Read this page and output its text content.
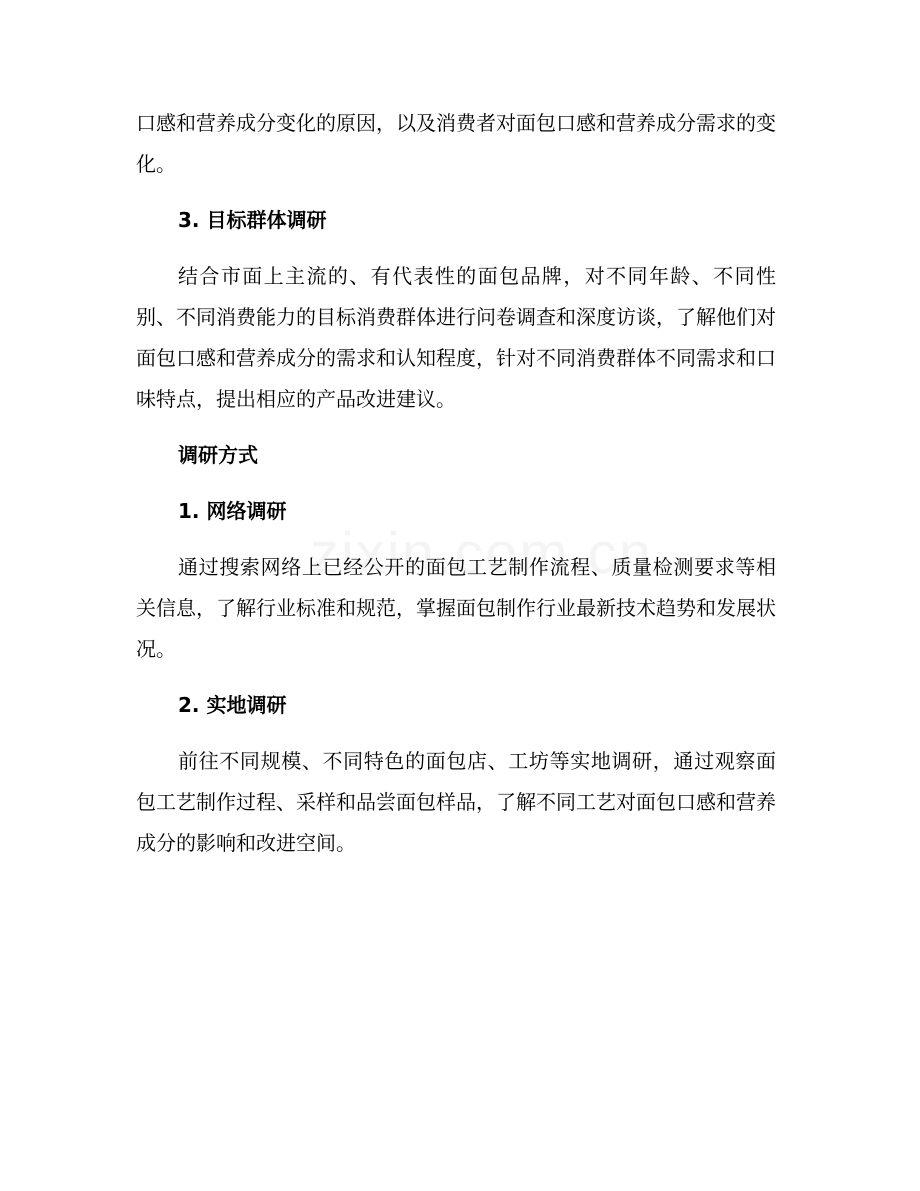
口感和营养成分变化的原因，以及消费者对面包口感和营养成分需求的变化。

3. 目标群体调研

结合市面上主流的、有代表性的面包品牌，对不同年龄、不同性别、不同消费能力的目标消费群体进行问卷调查和深度访谈，了解他们对面包口感和营养成分的需求和认知程度，针对不同消费群体不同需求和口味特点，提出相应的产品改进建议。

调研方式

1. 网络调研

通过搜索网络上已经公开的面包工艺制作流程、质量检测要求等相关信息，了解行业标准和规范，掌握面包制作行业最新技术趋势和发展状况。

2. 实地调研

前往不同规模、不同特色的面包店、工坊等实地调研，通过观察面包工艺制作过程、采样和品尝面包样品，了解不同工艺对面包口感和营养成分的影响和改进空间。
